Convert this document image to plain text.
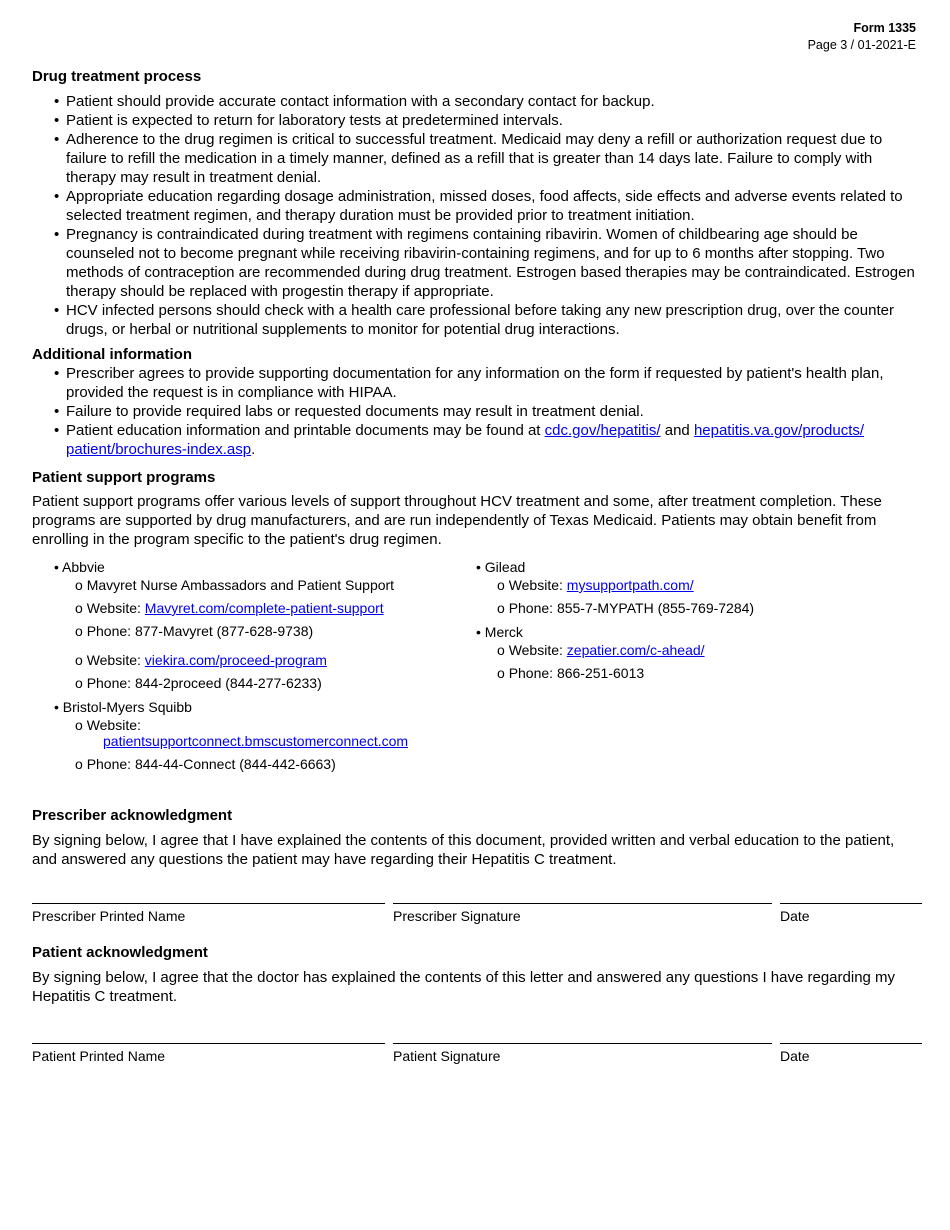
Form 1335
Page 3 / 01-2021-E
Drug treatment process
• Patient should provide accurate contact information with a secondary contact for backup.
• Patient is expected to return for laboratory tests at predetermined intervals.
• Adherence to the drug regimen is critical to successful treatment. Medicaid may deny a refill or authorization request due to failure to refill the medication in a timely manner, defined as a refill that is greater than 14 days late. Failure to comply with therapy may result in treatment denial.
• Appropriate education regarding dosage administration, missed doses, food affects, side effects and adverse events related to selected treatment regimen, and therapy duration must be provided prior to treatment initiation.
• Pregnancy is contraindicated during treatment with regimens containing ribavirin. Women of childbearing age should be counseled not to become pregnant while receiving ribavirin-containing regimens, and for up to 6 months after stopping. Two methods of contraception are recommended during drug treatment. Estrogen based therapies may be contraindicated. Estrogen therapy should be replaced with progestin therapy if appropriate.
• HCV infected persons should check with a health care professional before taking any new prescription drug, over the counter drugs, or herbal or nutritional supplements to monitor for potential drug interactions.
Additional information
• Prescriber agrees to provide supporting documentation for any information on the form if requested by patient's health plan, provided the request is in compliance with HIPAA.
• Failure to provide required labs or requested documents may result in treatment denial.
• Patient education information and printable documents may be found at cdc.gov/hepatitis/ and hepatitis.va.gov/products/ patient/brochures-index.asp.
Patient support programs

Patient support programs offer various levels of support throughout HCV treatment and some, after treatment completion. These programs are supported by drug manufacturers, and are run independently of Texas Medicaid. Patients may obtain benefit from enrolling in the program specific to the patient's drug regimen.

• Abbvie
o Mavyret Nurse Ambassadors and Patient Support
o Website: Mavyret.com/complete-patient-support
o Phone: 877-Mavyret (877-628-9738)
o Website: viekira.com/proceed-program
o Phone: 844-2proceed (844-277-6233)
• Bristol-Myers Squibb
o Website:
patientsupportconnect.bmscustomerconnect.com
o Phone: 844-44-Connect (844-442-6663)
• Gilead
o Website: mysupportpath.com/
o Phone: 855-7-MYPATH (855-769-7284)
• Merck
o Website: zepatier.com/c-ahead/
o Phone: 866-251-6013
Prescriber acknowledgment

By signing below, I agree that I have explained the contents of this document, provided written and verbal education to the patient, and answered any questions the patient may have regarding their Hepatitis C treatment.

Prescriber Printed Name	Prescriber Signature	Date
Patient acknowledgment

By signing below, I agree that the doctor has explained the contents of this letter and answered any questions I have regarding my Hepatitis C treatment.

Patient Printed Name	Patient Signature	Date
